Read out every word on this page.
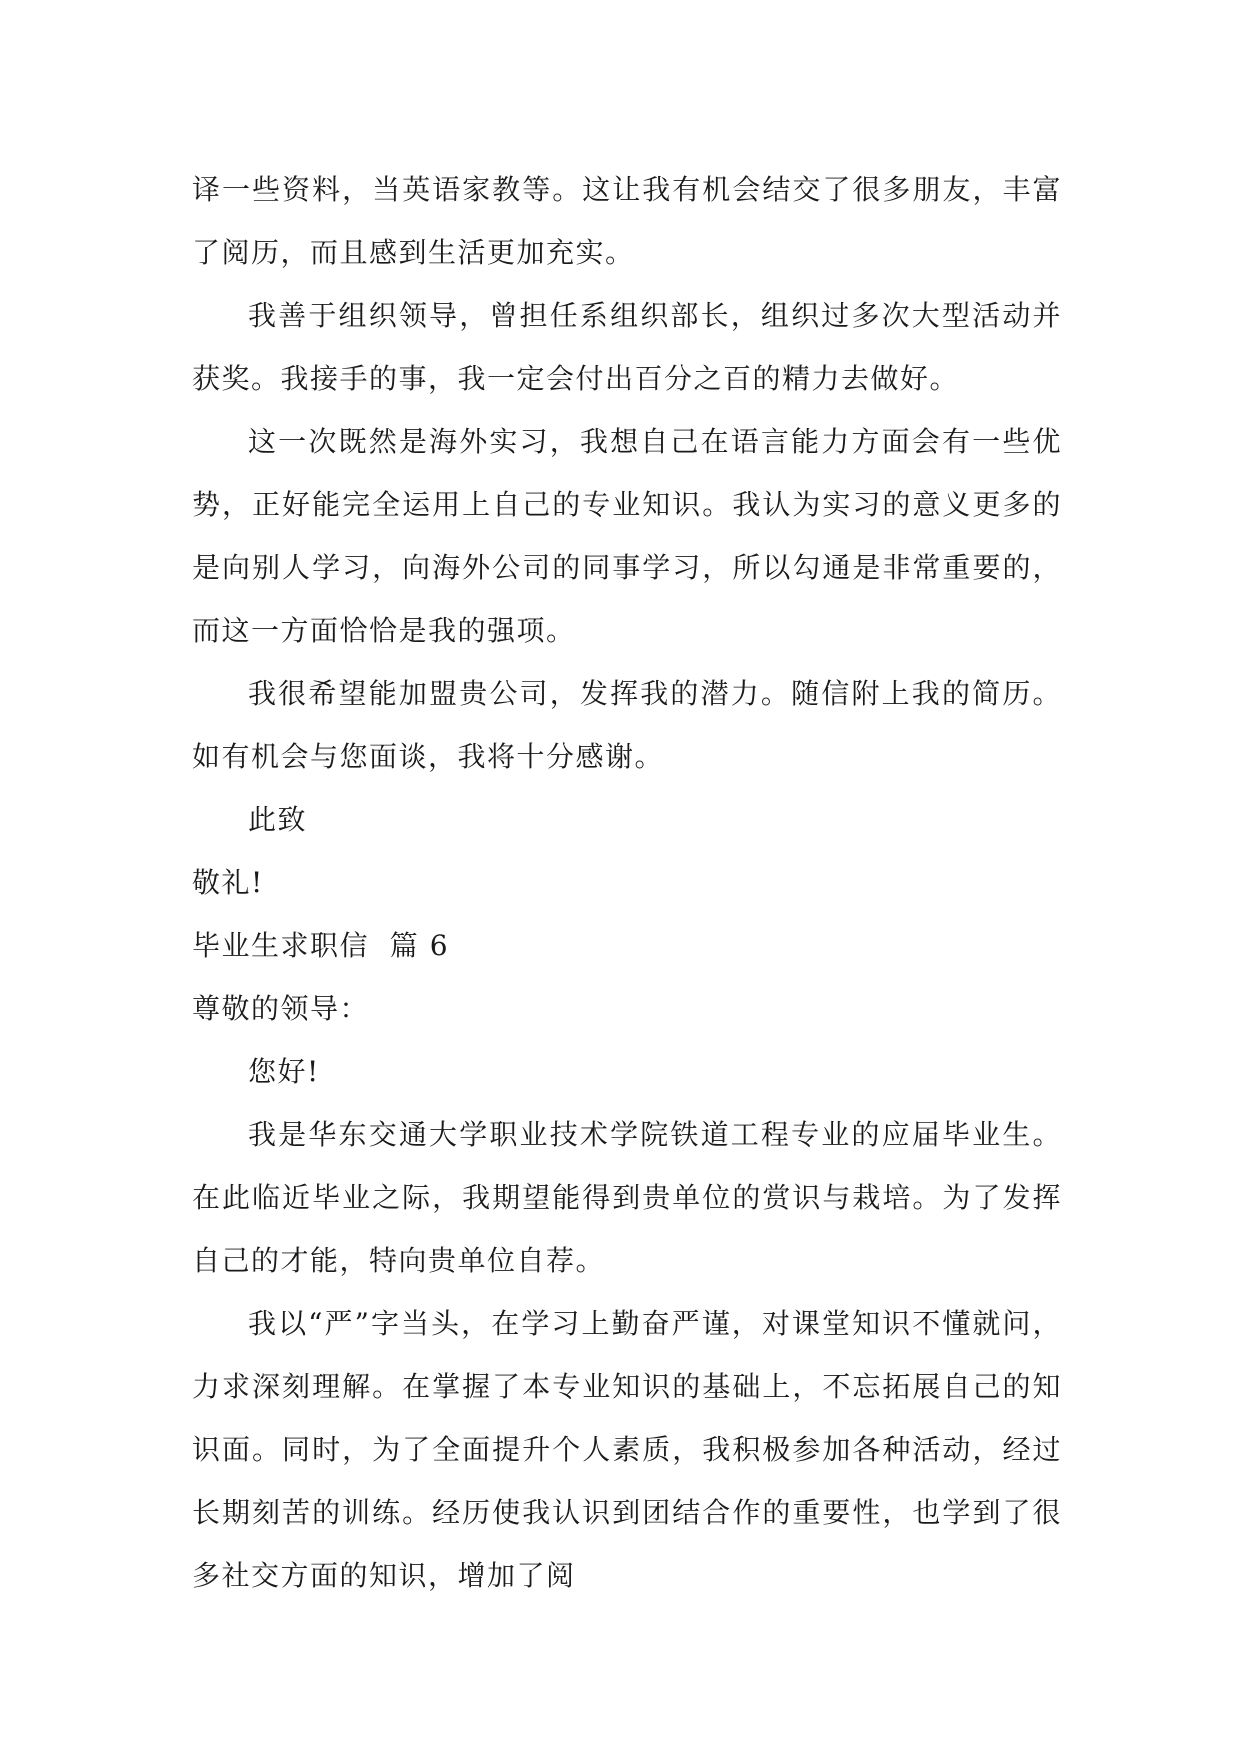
译一些资料，当英语家教等。这让我有机会结交了很多朋友，丰富了阅历，而且感到生活更加充实。

我善于组织领导，曾担任系组织部长，组织过多次大型活动并获奖。我接手的事，我一定会付出百分之百的精力去做好。

这一次既然是海外实习，我想自己在语言能力方面会有一些优势，正好能完全运用上自己的专业知识。我认为实习的意义更多的是向别人学习，向海外公司的同事学习，所以勾通是非常重要的，而这一方面恰恰是我的强项。

我很希望能加盟贵公司，发挥我的潜力。随信附上我的简历。如有机会与您面谈，我将十分感谢。

此致

敬礼!

毕业生求职信  篇 6

尊敬的领导：

您好!

我是华东交通大学职业技术学院铁道工程专业的应届毕业生。在此临近毕业之际，我期望能得到贵单位的赏识与栽培。为了发挥自己的才能，特向贵单位自荐。

我以“严”字当头，在学习上勤奋严谨，对课堂知识不懂就问，力求深刻理解。在掌握了本专业知识的基础上，不忘拓展自己的知识面。同时，为了全面提升个人素质，我积极参加各种活动，经过长期刻苦的训练。经历使我认识到团结合作的重要性，也学到了很多社交方面的知识，增加了阅
